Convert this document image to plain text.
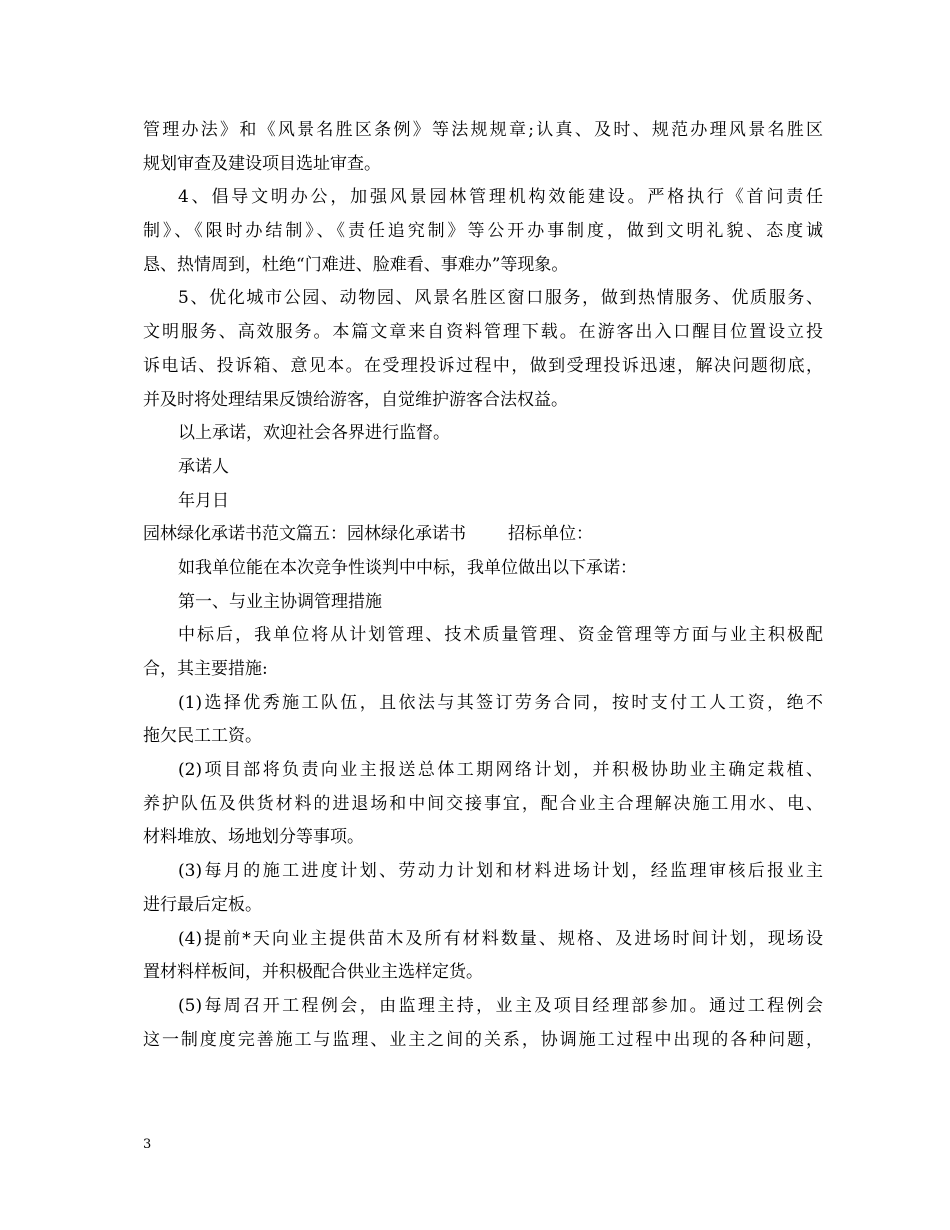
管理办法》和《风景名胜区条例》等法规规章;认真、及时、规范办理风景名胜区
规划审查及建设项目选址审查。
4、倡导文明办公，加强风景园林管理机构效能建设。严格执行《首问责任
制》、《限时办结制》、《责任追究制》等公开办事制度，做到文明礼貌、态度诚
恳、热情周到，杜绝“门难进、脸难看、事难办”等现象。
5、优化城市公园、动物园、风景名胜区窗口服务，做到热情服务、优质服务、
文明服务、高效服务。本篇文章来自资料管理下载。在游客出入口醒目位置设立投
诉电话、投诉箱、意见本。在受理投诉过程中，做到受理投诉迅速，解决问题彻底，
并及时将处理结果反馈给游客，自觉维护游客合法权益。
以上承诺，欢迎社会各界进行监督。
承诺人
年月日
园林绿化承诺书范文篇五：园林绿化承诺书 招标单位：
如我单位能在本次竞争性谈判中中标，我单位做出以下承诺：
第一、与业主协调管理措施
中标后，我单位将从计划管理、技术质量管理、资金管理等方面与业主积极配
合，其主要措施:
(1)选择优秀施工队伍，且依法与其签订劳务合同，按时支付工人工资，绝不
拖欠民工工资。
(2)项目部将负责向业主报送总体工期网络计划，并积极协助业主确定栽植、
养护队伍及供货材料的进退场和中间交接事宜，配合业主合理解决施工用水、电、
材料堆放、场地划分等事项。
(3)每月的施工进度计划、劳动力计划和材料进场计划，经监理审核后报业主
进行最后定板。
(4)提前*天向业主提供苗木及所有材料数量、规格、及进场时间计划，现场设
置材料样板间，并积极配合供业主选样定货。
(5)每周召开工程例会，由监理主持，业主及项目经理部参加。通过工程例会
这一制度度完善施工与监理、业主之间的关系，协调施工过程中出现的各种问题，
3
